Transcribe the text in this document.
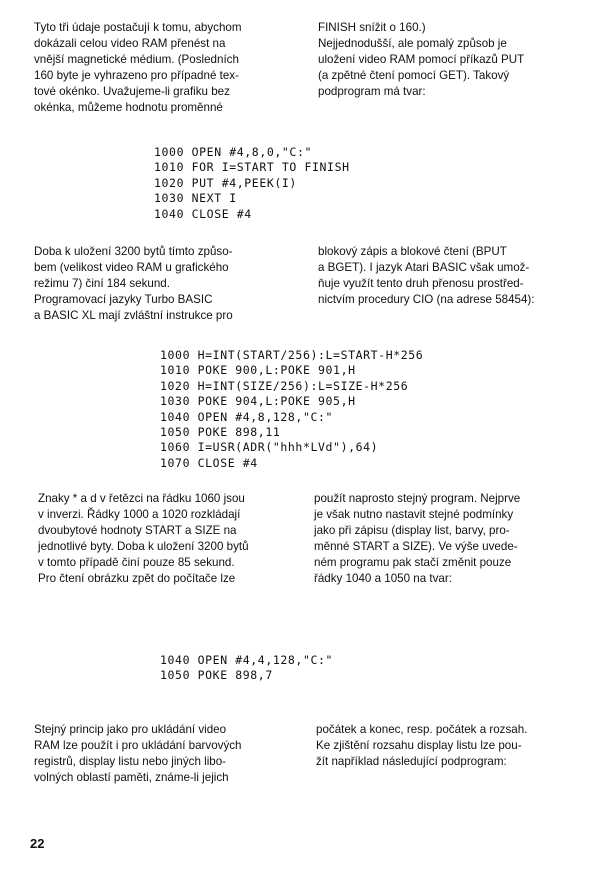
Tyto tři údaje postačují k tomu, abychom
dokázali celou video RAM přenést na
vnější magnetické médium. (Posledních
160 byte je vyhrazeno pro případné tex-
tové okénko. Uvažujeme-li grafiku bez
okénka, můžeme hodnotu proměnné
FINISH snížit o 160.)
Nejjednodušší, ale pomalý způsob je
uložení video RAM pomocí příkazů PUT
(a zpětné čtení pomocí GET). Takový
podprogram má tvar:
1000 OPEN #4,8,0,"C:"
1010 FOR I=START TO FINISH
1020 PUT #4,PEEK(I)
1030 NEXT I
1040 CLOSE #4
Doba k uložení 3200 bytů tímto způso-
bem (velikost video RAM u grafického
režimu 7) činí 184 sekund.
Programovací jazyky Turbo BASIC
a BASIC XL mají zvláštní instrukce pro
blokový zápis a blokové čtení (BPUT
a BGET). I jazyk Atari BASIC však umož-
ňuje využít tento druh přenosu prostřed-
nictvím procedury CIO (na adrese 58454):
1000 H=INT(START/256):L=START-H*256
1010 POKE 900,L:POKE 901,H
1020 H=INT(SIZE/256):L=SIZE-H*256
1030 POKE 904,L:POKE 905,H
1040 OPEN #4,8,128,"C:"
1050 POKE 898,11
1060 I=USR(ADR("hhh*LVd"),64)
1070 CLOSE #4
Znaky * a d v řetězci na řádku 1060 jsou
v inverzi. Řádky 1000 a 1020 rozkládají
dvoubytové hodnoty START a SIZE na
jednotlivé byty. Doba k uložení 3200 bytů
v tomto případě činí pouze 85 sekund.
Pro čtení obrázku zpět do počítače lze
použít naprosto stejný program. Nejprve
je však nutno nastavit stejné podmínky
jako při zápisu (display list, barvy, pro-
měnné START a SIZE). Ve výše uvede-
ném programu pak stačí změnit pouze
řádky 1040 a 1050 na tvar:
1040 OPEN #4,4,128,"C:"
1050 POKE 898,7
Stejný princip jako pro ukládání video
RAM lze použít i pro ukládání barvových
registrů, display listu nebo jiných libo-
volných oblastí paměti, známe-li jejich
počátek a konec, resp. počátek a rozsah.
Ke zjištění rozsahu display listu lze pou-
žít například následující podprogram:
22
